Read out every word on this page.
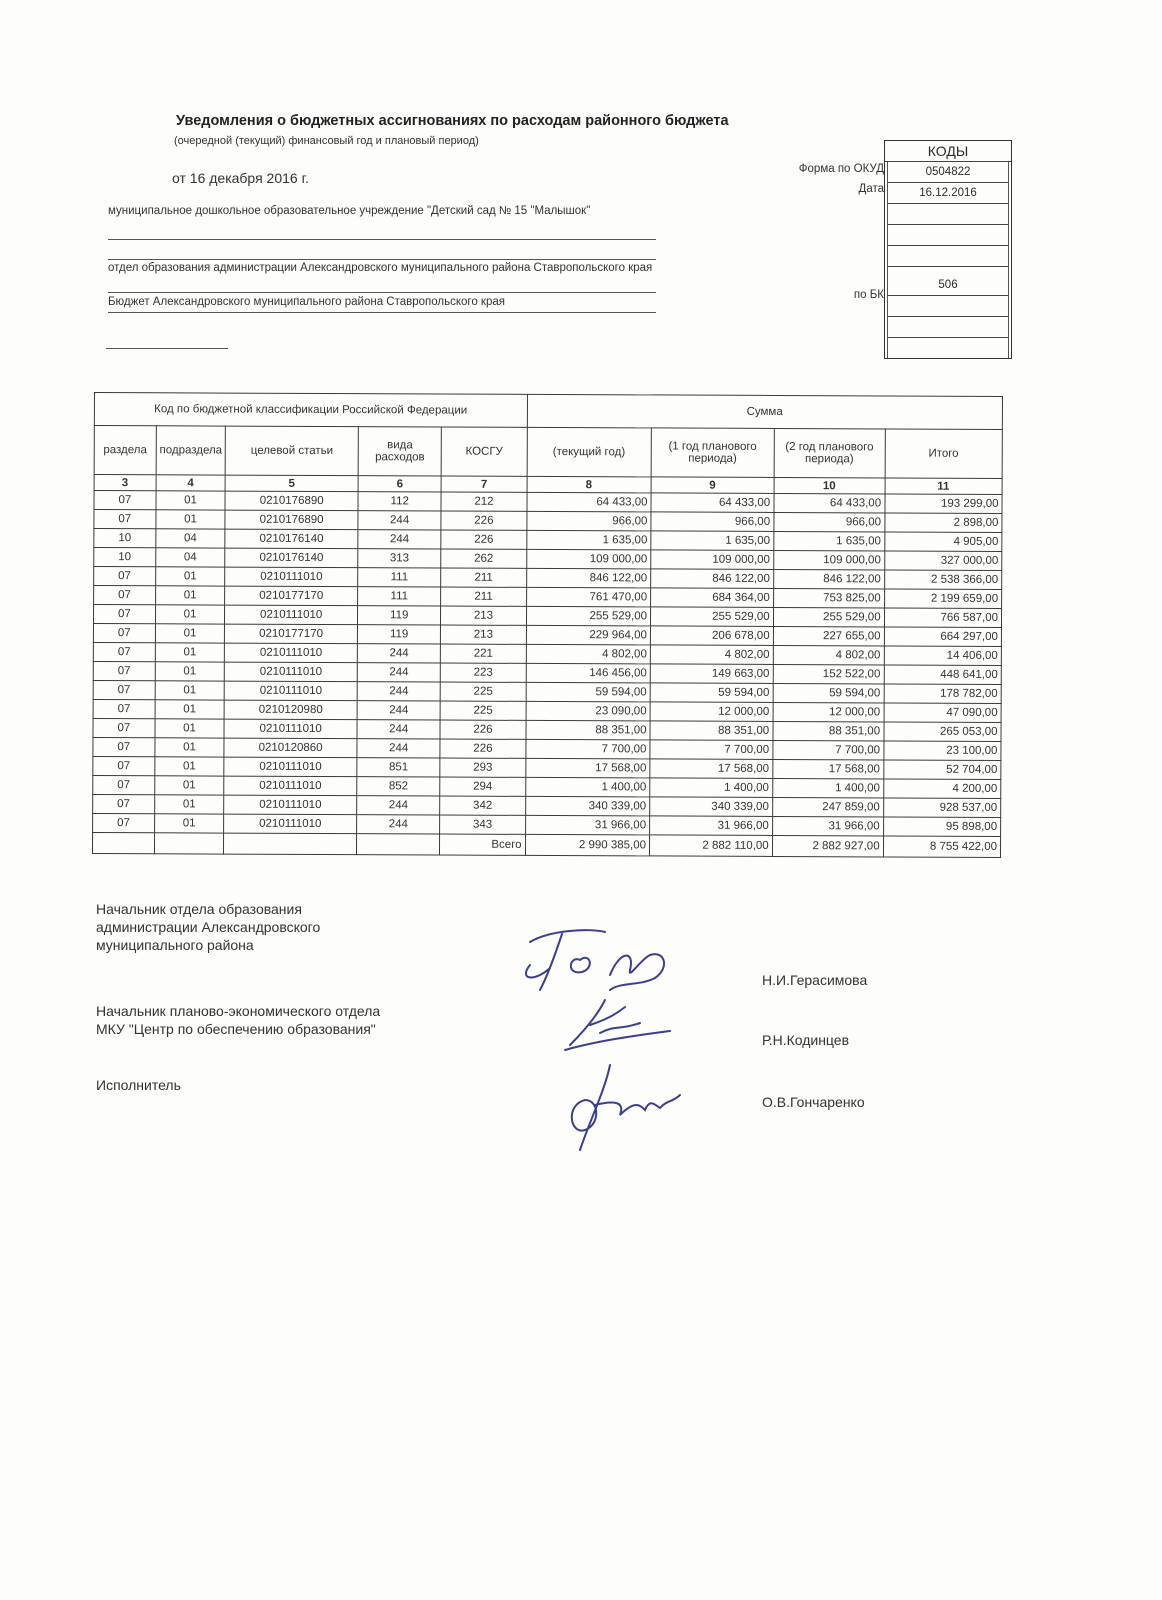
Уведомления о бюджетных ассигнованиях по расходам районного бюджета
(очередной (текущий) финансовый год и плановый период)
от 16 декабря 2016 г.
муниципальное дошкольное образовательное учреждение "Детский сад № 15 "Малышок"
отдел образования администрации Александровского муниципального района Ставропольского края
Бюджет Александровского муниципального района Ставропольского края
Форма по ОКУД
Дата
по БК
КОДЫ
0504822
16.12.2016
506
Код по бюджетной классификации Российской Федерации					Сумма			
раздела	подраздела	целевой статьи	вида расходов	КОСГУ	(текущий год)	(1 год планового периода)	(2 год планового периода)	Итого
3	4	5	6	7	8	9	10	11
07	01	0210176890	112	212	64 433,00	64 433,00	64 433,00	193 299,00
07	01	0210176890	244	226	966,00	966,00	966,00	2 898,00
10	04	0210176140	244	226	1 635,00	1 635,00	1 635,00	4 905,00
10	04	0210176140	313	262	109 000,00	109 000,00	109 000,00	327 000,00
07	01	0210111010	111	211	846 122,00	846 122,00	846 122,00	2 538 366,00
07	01	0210177170	111	211	761 470,00	684 364,00	753 825,00	2 199 659,00
07	01	0210111010	119	213	255 529,00	255 529,00	255 529,00	766 587,00
07	01	0210177170	119	213	229 964,00	206 678,00	227 655,00	664 297,00
07	01	0210111010	244	221	4 802,00	4 802,00	4 802,00	14 406,00
07	01	0210111010	244	223	146 456,00	149 663,00	152 522,00	448 641,00
07	01	0210111010	244	225	59 594,00	59 594,00	59 594,00	178 782,00
07	01	0210120980	244	225	23 090,00	12 000,00	12 000,00	47 090,00
07	01	0210111010	244	226	88 351,00	88 351,00	88 351,00	265 053,00
07	01	0210120860	244	226	7 700,00	7 700,00	7 700,00	23 100,00
07	01	0210111010	851	293	17 568,00	17 568,00	17 568,00	52 704,00
07	01	0210111010	852	294	1 400,00	1 400,00	1 400,00	4 200,00
07	01	0210111010	244	342	340 339,00	340 339,00	247 859,00	928 537,00
07	01	0210111010	244	343	31 966,00	31 966,00	31 966,00	95 898,00
				Всего	2 990 385,00	2 882 110,00	2 882 927,00	8 755 422,00
Начальник отдела образования
администрации Александровского
муниципального района
Н.И.Герасимова
Начальник планово-экономического отдела
МКУ "Центр по обеспечению образования"
Р.Н.Кодинцев
Исполнитель
О.В.Гончаренко
